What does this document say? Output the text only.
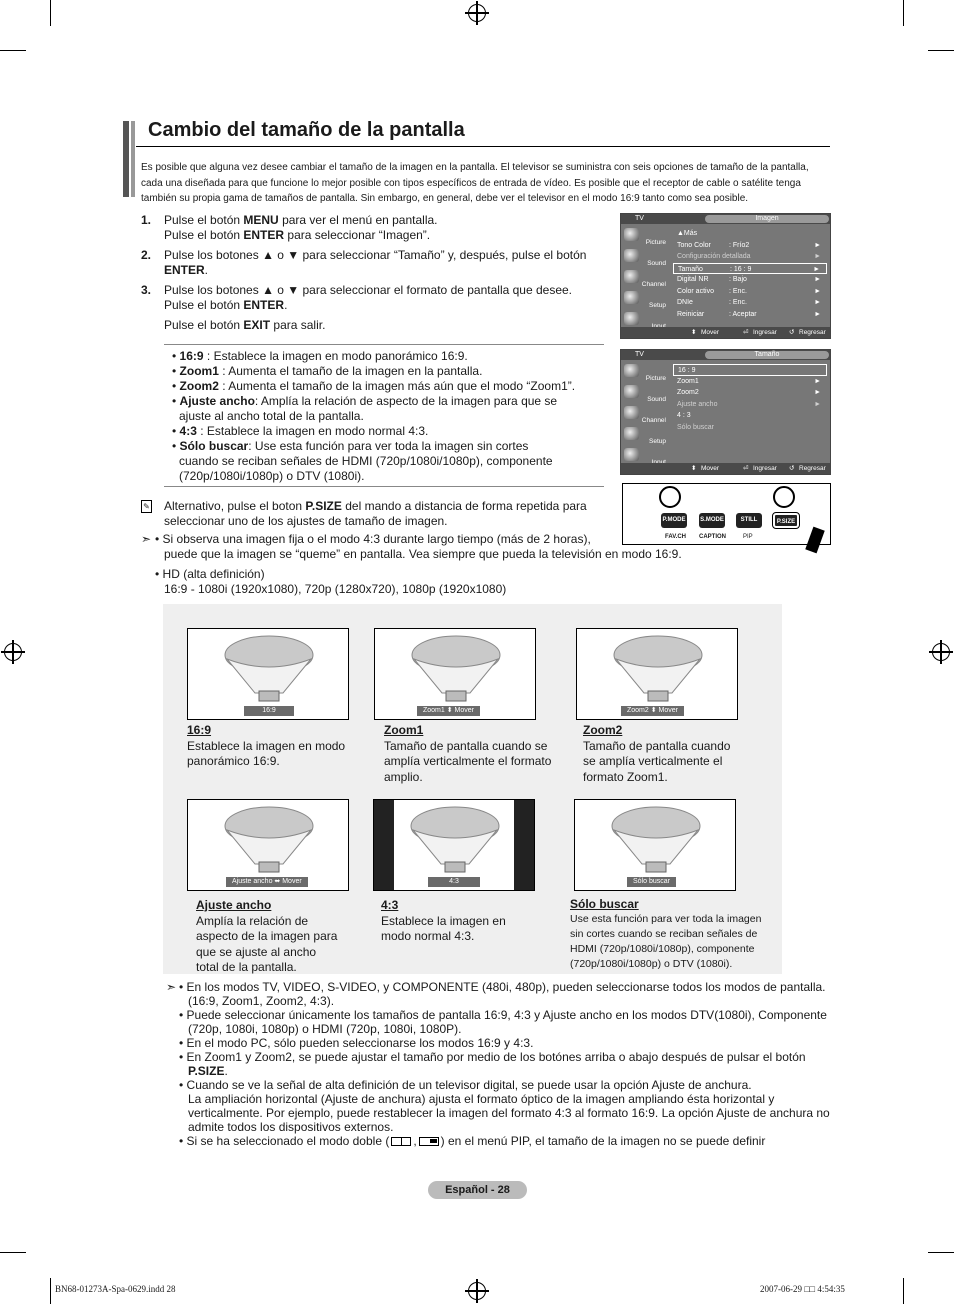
Cambio del tamaño de la pantalla
Es posible que alguna vez desee cambiar el tamaño de la imagen en la pantalla. El televisor se suministra con seis opciones de tamaño de la pantalla, cada una diseñada para que funcione lo mejor posible con tipos específicos de entrada de vídeo. Es posible que el receptor de cable o satélite tenga también su propia gama de tamaños de pantalla. Sin embargo, en general, debe ver el televisor en el modo 16:9 tanto como sea posible.
1. Pulse el botón MENU para ver el menú en pantalla.
Pulse el botón ENTER para seleccionar “Imagen”.
2. Pulse los botones ▲ o ▼ para seleccionar “Tamaño” y, después, pulse el botón
ENTER.
3. Pulse los botones ▲ o ▼ para seleccionar el formato de pantalla que desee.
Pulse el botón ENTER.
Pulse el botón EXIT para salir.
• 16:9 : Establece la imagen en modo panorámico 16:9.
• Zoom1 : Aumenta el tamaño de la imagen en la pantalla.
• Zoom2 : Aumenta el tamaño de la imagen más aún que el modo “Zoom1”.
• Ajuste ancho: Amplía la relación de aspecto de la imagen para que se
ajuste al ancho total de la pantalla.
• 4:3 : Establece la imagen en modo normal 4:3.
• Sólo buscar: Use esta función para ver toda la imagen sin cortes
cuando se reciban señales de HDMI (720p/1080i/1080p), componente (720p/1080i/1080p) o DTV (1080i).
TV	Imagen
Picture
Sound
Channel
Setup
▲Más
Tono Color	: Frío2	►
Configuración detallada	►
Tamaño	: 16 : 9	►
Digital NR	: Bajo	►
Color activo : Enc.	►
DNIe	: Enc.	►
Reiniciar	: Aceptar	►
⬍ Mover	⏎ Ingresar ↺ Regresar
TV	Tamaño
Picture
Sound
Channel
Setup
16 : 9
Zoom1	►
Zoom2	►
Ajuste ancho	►
4 : 3
Sólo buscar
⬍ Mover	⏎ Ingresar ↺ Regresar
P.MODE S.MODE	STILL	P.SIZE
FAV.CH CAPTION	PIP
✎ Alternativo, pulse el boton P.SIZE del mando a distancia de forma repetida para
seleccionar uno de los ajustes de tamaño de imagen.
➣ • Si observa una imagen fija o el modo 4:3 durante largo tiempo (más de 2 horas),
puede que la imagen se “queme” en pantalla. Vea siempre que pueda la televisión en modo 16:9.
• HD (alta definición)
16:9 - 1080i (1920x1080), 720p (1280x720), 1080p (1920x1080)
16:9	Zoom1 ⬍ Mover	Zoom2 ⬍ Mover
Ajuste ancho ⬌ Mover	4:3	Sólo buscar
16:9
Establece la imagen en modo
panorámico 16:9.
Zoom1
Tamaño de pantalla cuando se
amplía verticalmente el formato
amplio.
Zoom2
Tamaño de pantalla cuando
se amplía verticalmente el
formato Zoom1.
Ajuste ancho
Amplía la relación de
aspecto de la imagen para
que se ajuste al ancho
total de la pantalla.
4:3
Establece la imagen en
modo normal 4:3.
Sólo buscar
Use esta función para ver toda la imagen
sin cortes cuando se reciban señales de
HDMI (720p/1080i/1080p), componente
(720p/1080i/1080p) o DTV (1080i).
➣ • En los modos TV, VIDEO, S-VIDEO, y COMPONENTE (480i, 480p), pueden seleccionarse todos los modos de pantalla. (16:9, Zoom1, Zoom2, 4:3).
• Puede seleccionar únicamente los tamaños de pantalla 16:9, 4:3 y Ajuste ancho en los modos DTV(1080i), Componente (720p, 1080i, 1080p) o HDMI (720p, 1080i, 1080P).
• En el modo PC, sólo pueden seleccionarse los modos 16:9 y 4:3.
• En Zoom1 y Zoom2, se puede ajustar el tamaño por medio de los botónes arriba o abajo después de pulsar el botón P.SIZE.
• Cuando se ve la señal de alta definición de un televisor digital, se puede usar la opción Ajuste de anchura.
La ampliación horizontal (Ajuste de anchura) ajusta el formato óptico de la imagen ampliando ésta horizontal y verticalmente. Por ejemplo, puede restablecer la imagen del formato 4:3 al formato 16:9. La opción Ajuste de anchura no admite todos los dispositivos externos.
• Si se ha seleccionado el modo doble ( , ) en el menú PIP, el tamaño de la imagen no se puede definir
Español - 28
BN68-01273A-Spa-0629.indd 28	2007-06-29 □□ 4:54:35
